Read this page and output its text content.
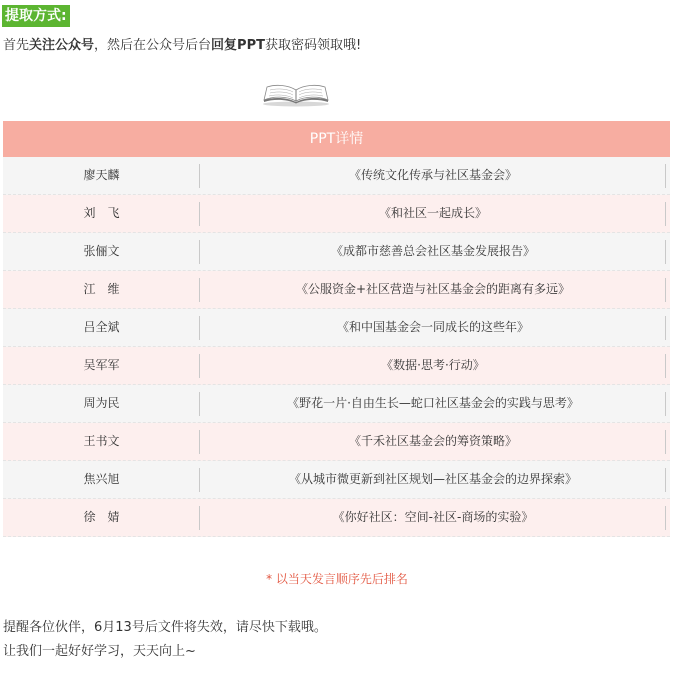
提取方式:
首先关注公众号，然后在公众号后台回复PPT获取密码领取哦!
PPT详情
廖天麟	《传统文化传承与社区基金会》
刘　飞	《和社区一起成长》
张俪文	《成都市慈善总会社区基金发展报告》
江　维	《公服资金+社区营造与社区基金会的距离有多远》
吕全斌	《和中国基金会一同成长的这些年》
吴军军	《数据·思考·行动》
周为民	《野花一片·自由生长—蛇口社区基金会的实践与思考》
王书文	《千禾社区基金会的筹资策略》
焦兴旭	《从城市微更新到社区规划—社区基金会的边界探索》
徐　婧	《你好社区：空间-社区-商场的实验》
* 以当天发言顺序先后排名
提醒各位伙伴，6月13号后文件将失效，请尽快下载哦。
让我们一起好好学习，天天向上~
